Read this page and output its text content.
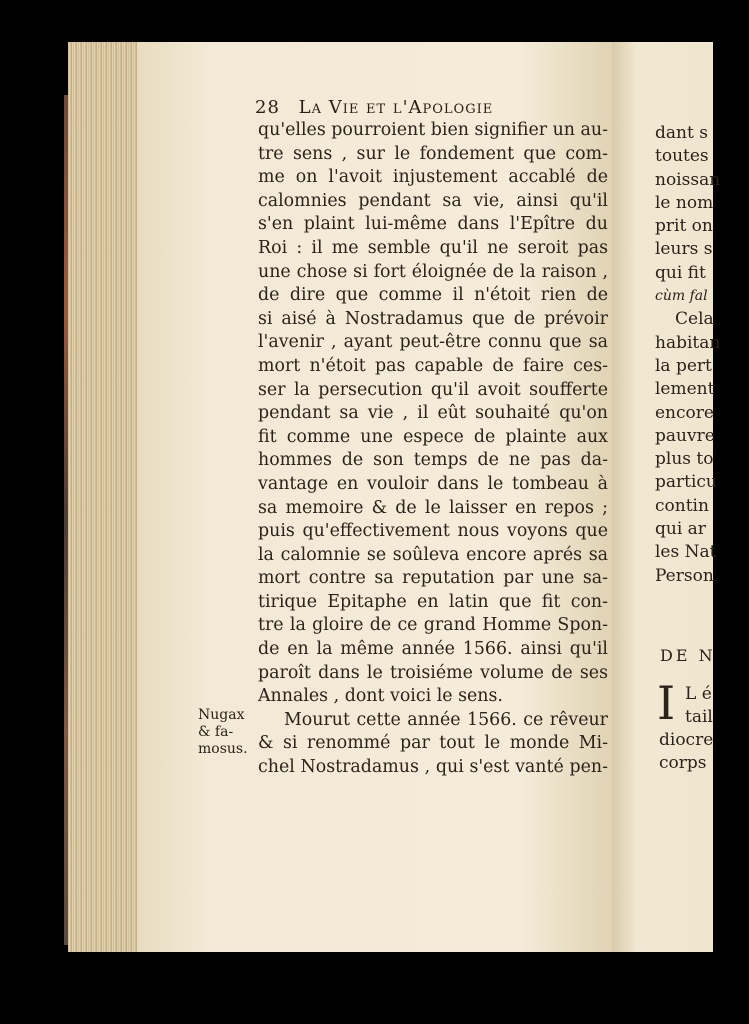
28 La Vie et l'Apologie
qu'elles pourroient bien signifier un au-
tre sens , sur le fondement que com-
me on l'avoit injustement accablé de
calomnies pendant sa vie, ainsi qu'il
s'en plaint lui-même dans l'Epître du
Roi : il me semble qu'il ne seroit pas
une chose si fort éloignée de la raison ,
de dire que comme il n'étoit rien de
si aisé à Nostradamus que de prévoir
l'avenir , ayant peut-être connu que sa
mort n'étoit pas capable de faire ces-
ser la persecution qu'il avoit soufferte
pendant sa vie , il eût souhaité qu'on
fit comme une espece de plainte aux
hommes de son temps de ne pas da-
vantage en vouloir dans le tombeau à
sa memoire & de le laisser en repos ;
puis qu'effectivement nous voyons que
la calomnie se soûleva encore aprés sa
mort contre sa reputation par une sa-
tirique Epitaphe en latin que fit con-
tre la gloire de ce grand Homme Spon-
de en la même année 1566. ainsi qu'il
paroît dans le troisiéme volume de ses
Annales , dont voici le sens.
Mourut cette année 1566. ce rêveur
& si renommé par tout le monde Mi-
chel Nostradamus , qui s'est vanté pen-
Nugax
& fa-
mosus.
dant s
toutes
noissan
le nom
prit on
leurs s
qui fit
cùm fal
Cela
habitan
la pert
lement
encore
pauvre
plus to
particu
contin
qui ar
les Nat
Person
DE N
I L é
tail
diocre
corps
